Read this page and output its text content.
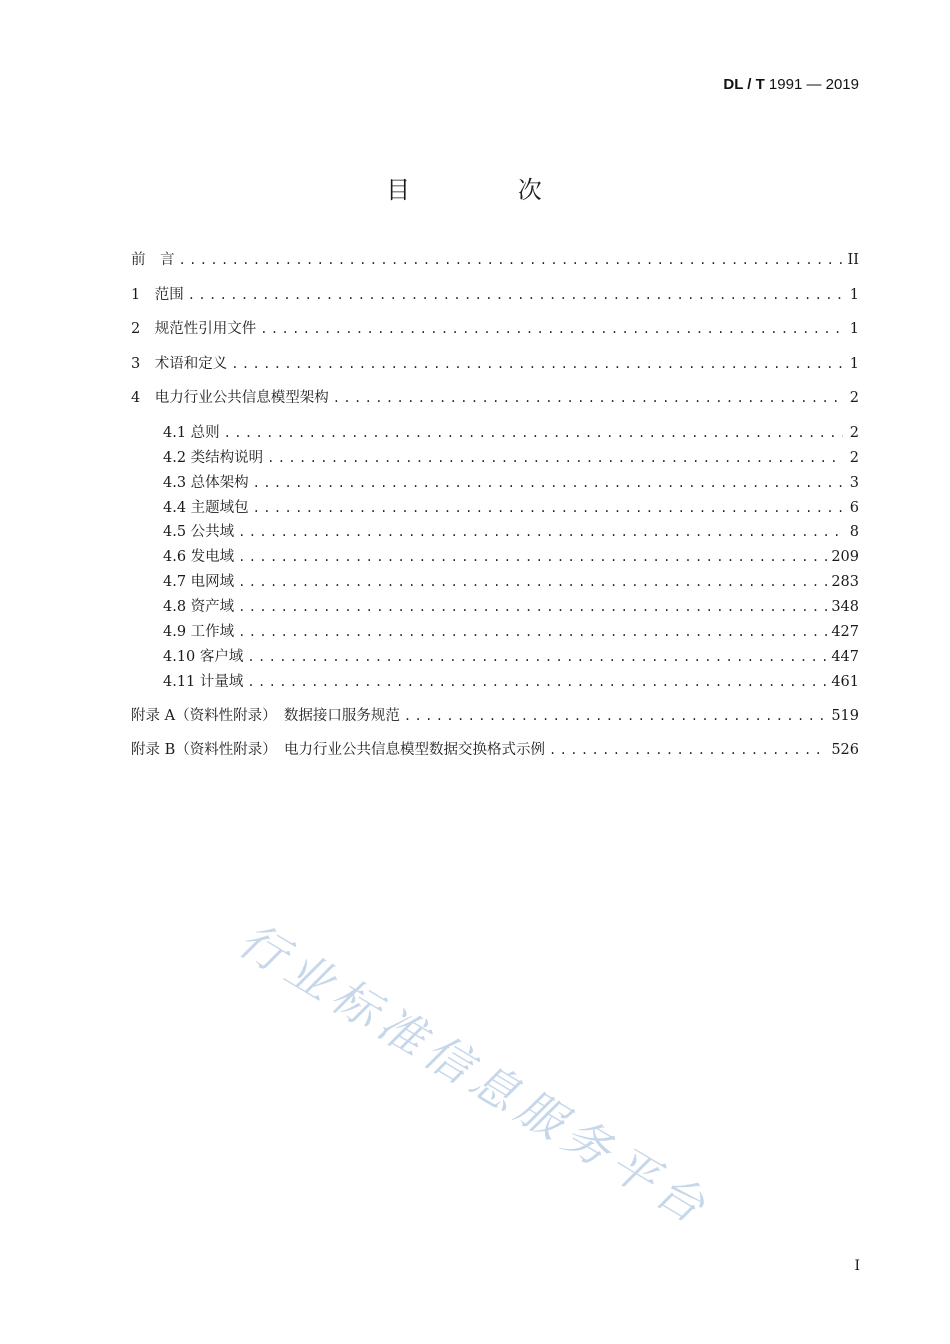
DL / T 1991 — 2019
目 次
前　言 .....	II
1　范围 .....	1
2　规范性引用文件 .....	1
3　术语和定义 .....	1
4　电力行业公共信息模型架构 .....	2
4.1 总则 .....	2
4.2 类结构说明 .....	2
4.3 总体架构 .....	3
4.4 主题域包 .....	6
4.5 公共域 .....	8
4.6 发电域 .....	209
4.7 电网域 .....	283
4.8 资产域 .....	348
4.9 工作域 .....	427
4.10 客户域 .....	447
4.11 计量域 .....	461
附录 A（资料性附录）　数据接口服务规范 .....	519
附录 B（资料性附录）　电力行业公共信息模型数据交换格式示例 .....	526
行业标准信息服务平台
I
